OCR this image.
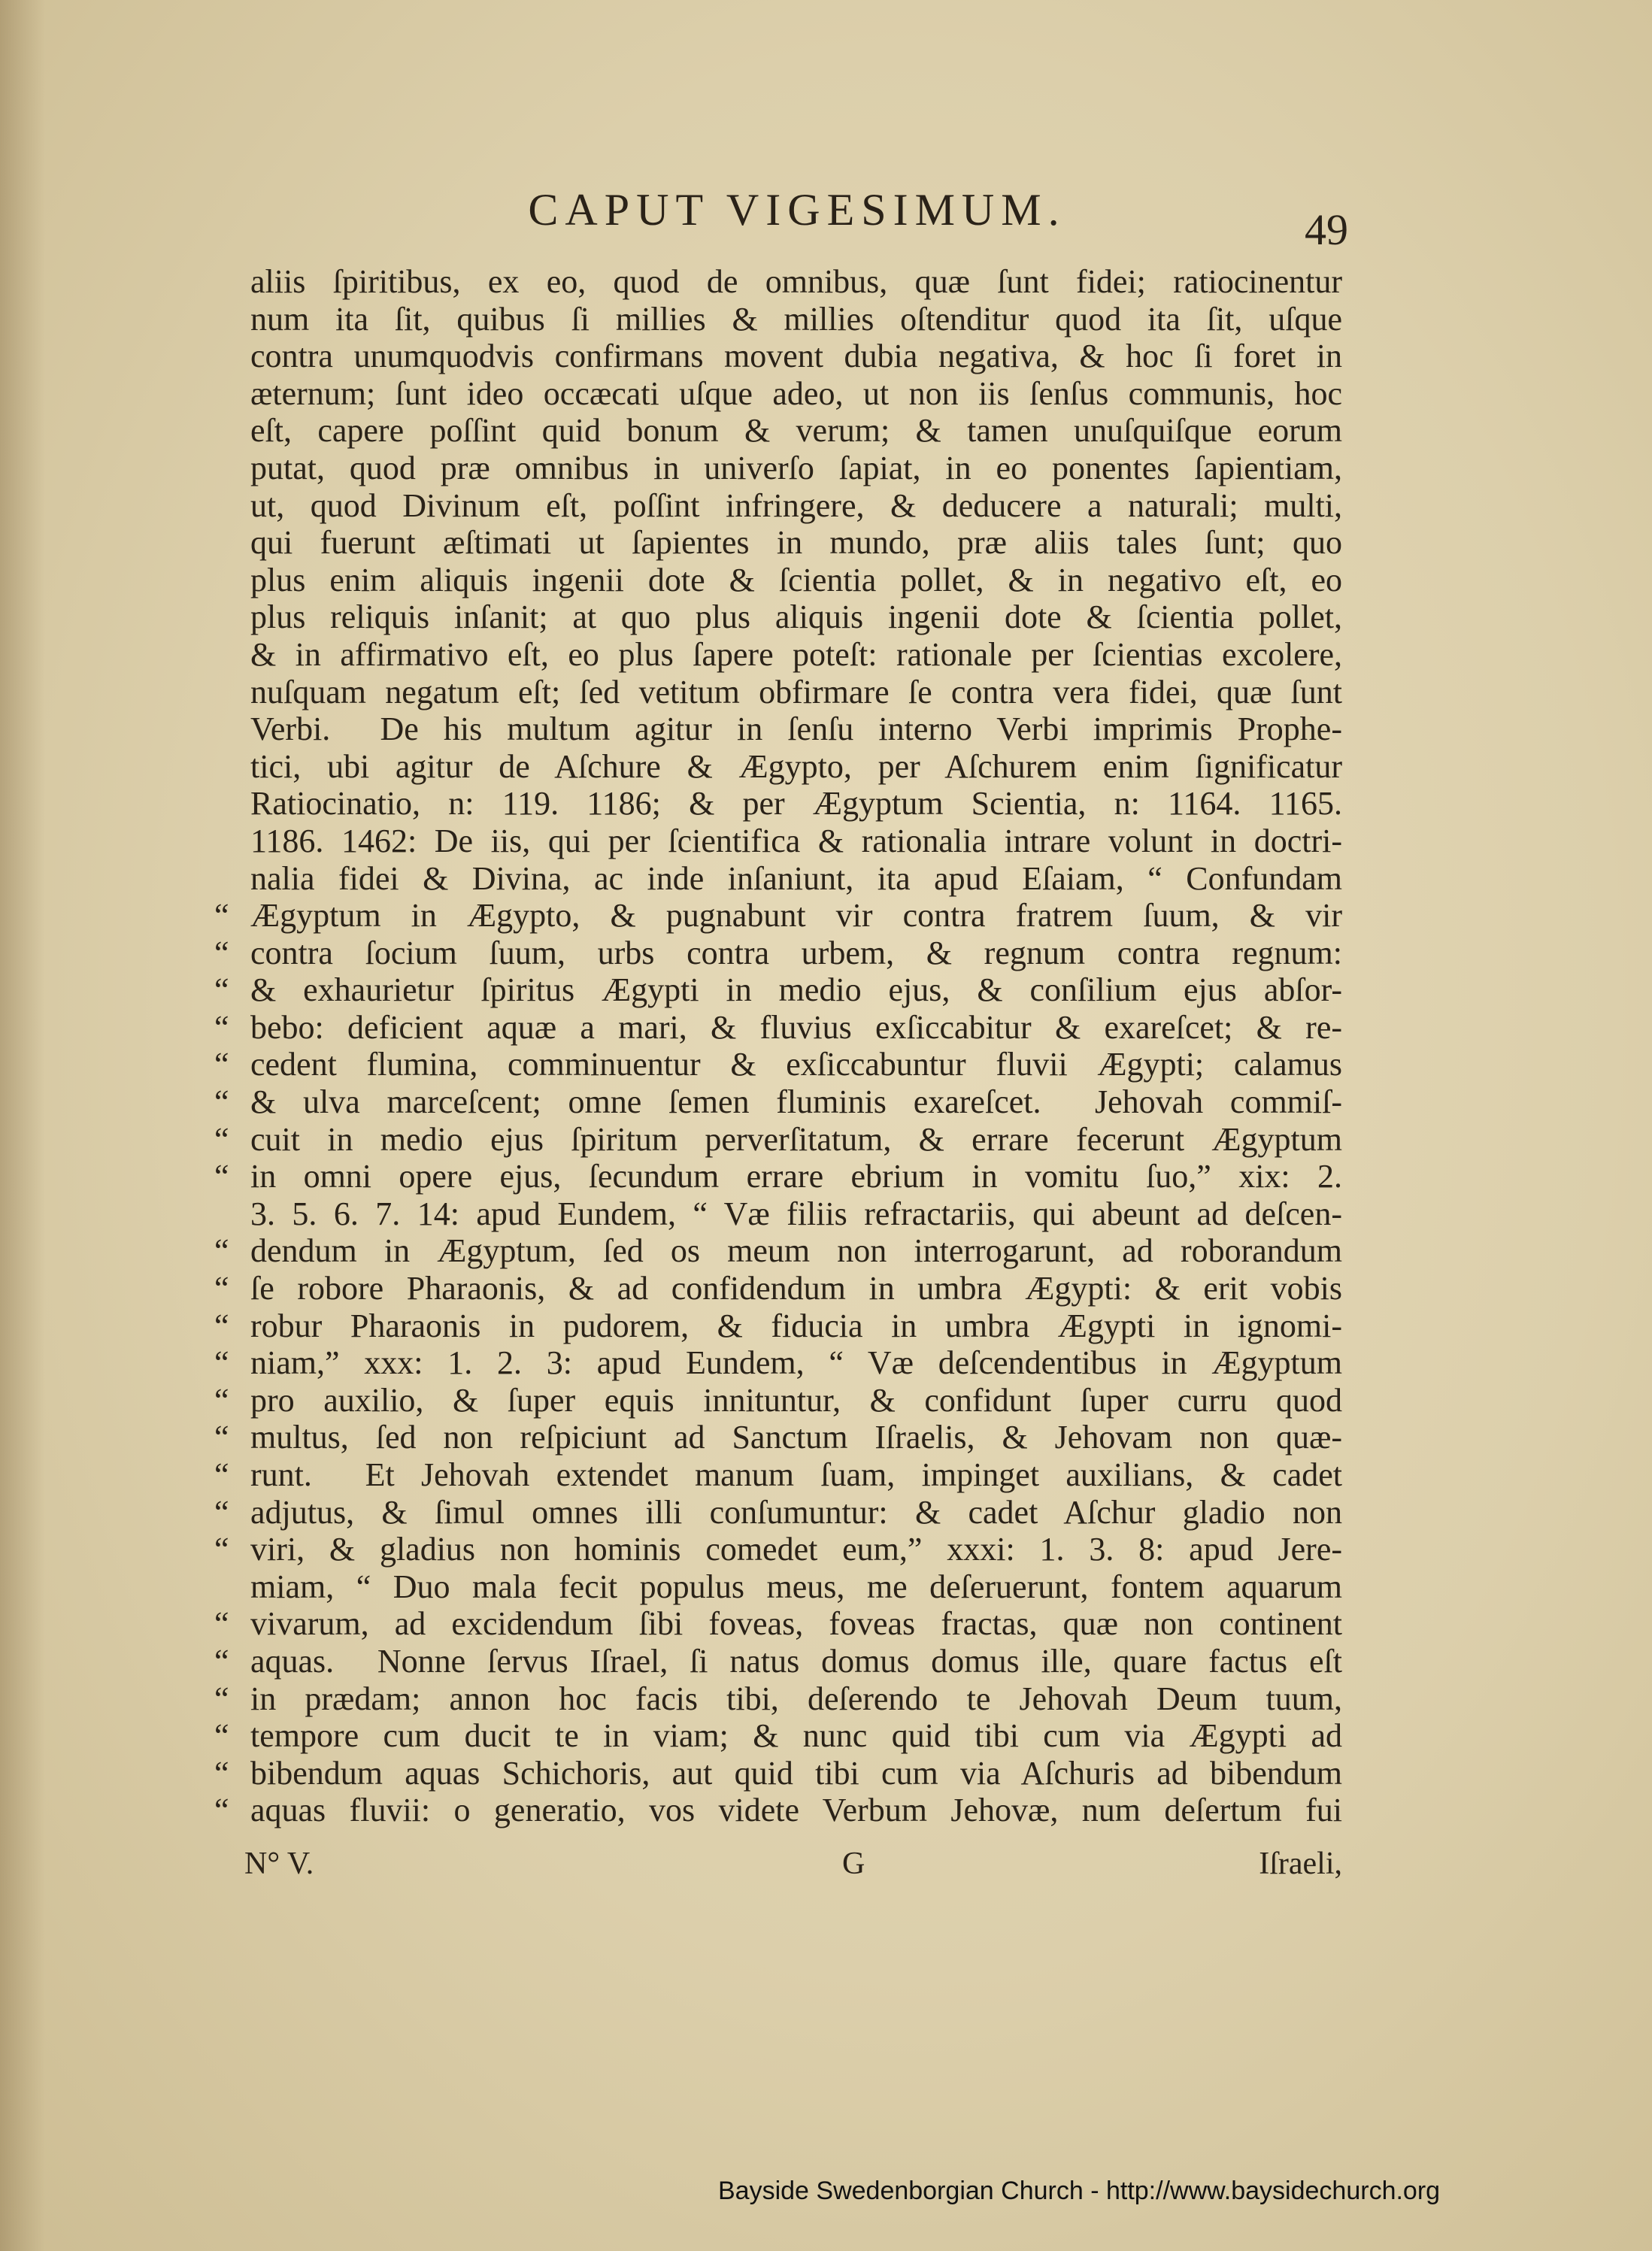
CAPUT VIGESIMUM.	49
aliis ſpiritibus, ex eo, quod de omnibus, quæ ſunt fidei; ratiocinentur
num ita ſit, quibus ſi millies & millies oſtenditur quod ita ſit, uſque
contra unumquodvis confirmans movent dubia negativa, & hoc ſi foret in
æternum; ſunt ideo occæcati uſque adeo, ut non iis ſenſus communis, hoc
eſt, capere poſſint quid bonum & verum; & tamen unuſquiſque eorum
putat, quod præ omnibus in univerſo ſapiat, in eo ponentes ſapientiam,
ut, quod Divinum eſt, poſſint infringere, & deducere a naturali; multi,
qui fuerunt æſtimati ut ſapientes in mundo, præ aliis tales ſunt; quo
plus enim aliquis ingenii dote & ſcientia pollet, & in negativo eſt, eo
plus reliquis inſanit; at quo plus aliquis ingenii dote & ſcientia pollet,
& in affirmativo eſt, eo plus ſapere poteſt: rationale per ſcientias excolere,
nuſquam negatum eſt; ſed vetitum obfirmare ſe contra vera fidei, quæ ſunt
Verbi.  De his multum agitur in ſenſu interno Verbi imprimis Prophe-
tici, ubi agitur de Aſchure & Ægypto, per Aſchurem enim ſignificatur
Ratiocinatio, n: 119. 1186; & per Ægyptum Scientia, n: 1164. 1165.
1186. 1462: De iis, qui per ſcientifica & rationalia intrare volunt in doctri-
nalia fidei & Divina, ac inde inſaniunt, ita apud Eſaiam, “ Confundam
“ Ægyptum in Ægypto, & pugnabunt vir contra fratrem ſuum, & vir
“ contra ſocium ſuum, urbs contra urbem, & regnum contra regnum:
“ & exhaurietur ſpiritus Ægypti in medio ejus, & conſilium ejus abſor-
“ bebo: deficient aquæ a mari, & fluvius exſiccabitur & exareſcet; & re-
“ cedent flumina, comminuentur & exſiccabuntur fluvii Ægypti; calamus
“ & ulva marceſcent; omne ſemen fluminis exareſcet.  Jehovah commiſ-
“ cuit in medio ejus ſpiritum perverſitatum, & errare fecerunt Ægyptum
“ in omni opere ejus, ſecundum errare ebrium in vomitu ſuo,” xix: 2.
3. 5. 6. 7. 14: apud Eundem, “ Væ filiis refractariis, qui abeunt ad deſcen-
“ dendum in Ægyptum, ſed os meum non interrogarunt, ad roborandum
“ ſe robore Pharaonis, & ad confidendum in umbra Ægypti: & erit vobis
“ robur Pharaonis in pudorem, & fiducia in umbra Ægypti in ignomi-
“ niam,” xxx: 1. 2. 3: apud Eundem, “ Væ deſcendentibus in Ægyptum
“ pro auxilio, & ſuper equis innituntur, & confidunt ſuper curru quod
“ multus, ſed non reſpiciunt ad Sanctum Iſraelis, & Jehovam non quæ-
“ runt.  Et Jehovah extendet manum ſuam, impinget auxilians, & cadet
“ adjutus, & ſimul omnes illi conſumuntur: & cadet Aſchur gladio non
“ viri, & gladius non hominis comedet eum,” xxxi: 1. 3. 8: apud Jere-
miam, “ Duo mala fecit populus meus, me deſeruerunt, fontem aquarum
“ vivarum, ad excidendum ſibi foveas, foveas fractas, quæ non continent
“ aquas.  Nonne ſervus Iſrael, ſi natus domus domus ille, quare factus eſt
“ in prædam; annon hoc facis tibi, deſerendo te Jehovah Deum tuum,
“ tempore cum ducit te in viam; & nunc quid tibi cum via Ægypti ad
“ bibendum aquas Schichoris, aut quid tibi cum via Aſchuris ad bibendum
“ aquas fluvii: o generatio, vos videte Verbum Jehovæ, num deſertum fui
N° V.	G	Iſraeli,
Bayside Swedenborgian Church - http://www.baysidechurch.org
